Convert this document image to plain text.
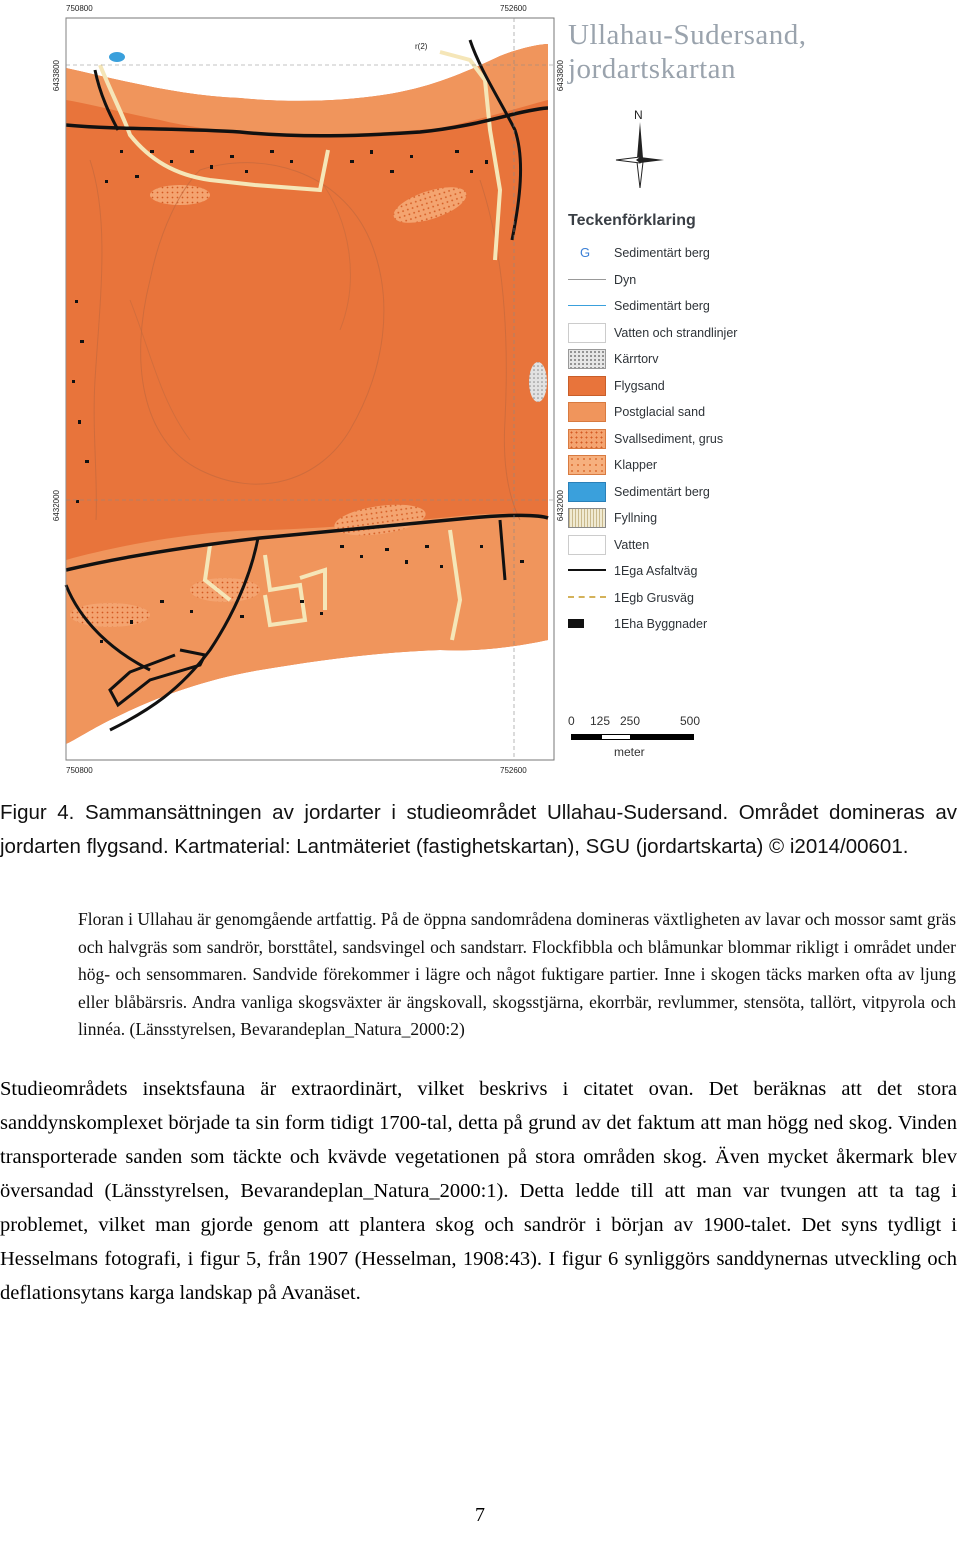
750800	752600
750800	752600
6433800
6432000
6433800
6432000
r(2)	Ullahau-Sudersand,
jordartskartan
N
Teckenförklaring
G	Sedimentärt berg
Dyn
Sedimentärt berg
Vatten och strandlinjer
Kärrtorv
Flygsand
Postglacial sand
Svallsediment, grus
Klapper
Sedimentärt berg
Fyllning
Vatten
1Ega Asfaltväg
1Egb Grusväg
1Eha Byggnader
0 125 250	500
meter

Figur 4. Sammansättningen av jordarter i studieområdet Ullahau-Sudersand. Området domineras av jordarten flygsand. Kartmaterial: Lantmäteriet (fastighetskartan), SGU (jordartskarta) © i2014/00601.

Floran i Ullahau är genomgående artfattig. På de öppna sandområdena domineras växtligheten av lavar och mossor samt gräs och halvgräs som sandrör, borsttåtel, sandsvingel och sandstarr. Flockfibbla och blåmunkar blommar rikligt i området under hög- och sensommaren. Sandvide förekommer i lägre och något fuktigare partier. Inne i skogen täcks marken ofta av ljung eller blåbärsris. Andra vanliga skogsväxter är ängskovall, skogsstjärna, ekorrbär, revlummer, stensöta, tallört, vitpyrola och linnéa. (Länsstyrelsen, Bevarandeplan_Natura_2000:2)

Studieområdets insektsfauna är extraordinärt, vilket beskrivs i citatet ovan. Det beräknas att det stora sanddynskomplexet började ta sin form tidigt 1700-tal, detta på grund av det faktum att man högg ned skog. Vinden transporterade sanden som täckte och kvävde vegetationen på stora områden skog. Även mycket åkermark blev översandad (Länsstyrelsen, Bevarandeplan_Natura_2000:1). Detta ledde till att man var tvungen att ta tag i problemet, vilket man gjorde genom att plantera skog och sandrör i början av 1900-talet. Det syns tydligt i Hesselmans fotografi, i figur 5, från 1907 (Hesselman, 1908:43). I figur 6 synliggörs sanddynernas utveckling och deflationsytans karga landskap på Avanäset.

7
